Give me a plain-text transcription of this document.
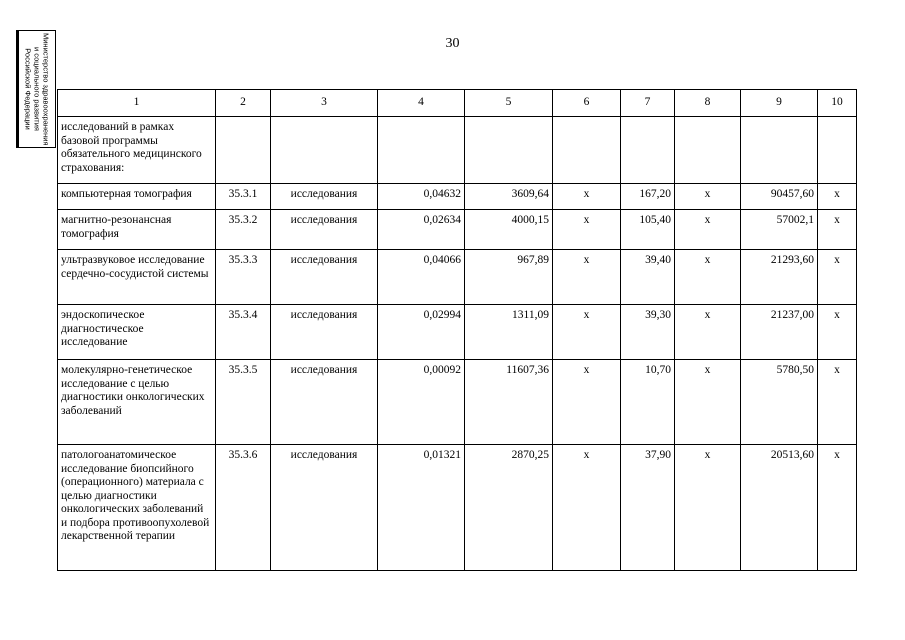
30
Министерство здравоохранения
и социального развития
Российской Федерации	1	2	3	4	5	6	7	8	9	10
исследований в рамках базовой программы обязательного медицинского страхования:									
компьютерная томография	35.3.1	исследования	0,04632	3609,64	х	167,20	х	90457,60	х
магнитно-резонансная томография	35.3.2	исследования	0,02634	4000,15	х	105,40	х	57002,1	х
ультразвуковое исследование сердечно-сосудистой системы	35.3.3	исследования	0,04066	967,89	х	39,40	х	21293,60	х
эндоскопическое диагностическое исследование	35.3.4	исследования	0,02994	1311,09	х	39,30	х	21237,00	х
молекулярно-генетическое исследование с целью диагностики онкологических заболеваний	35.3.5	исследования	0,00092	11607,36	х	10,70	х	5780,50	х
патологоанатомическое исследование биопсийного (операционного) материала с целью диагностики онкологических заболеваний и подбора противоопухолевой лекарственной терапии	35.3.6	исследования	0,01321	2870,25	х	37,90	х	20513,60	х
